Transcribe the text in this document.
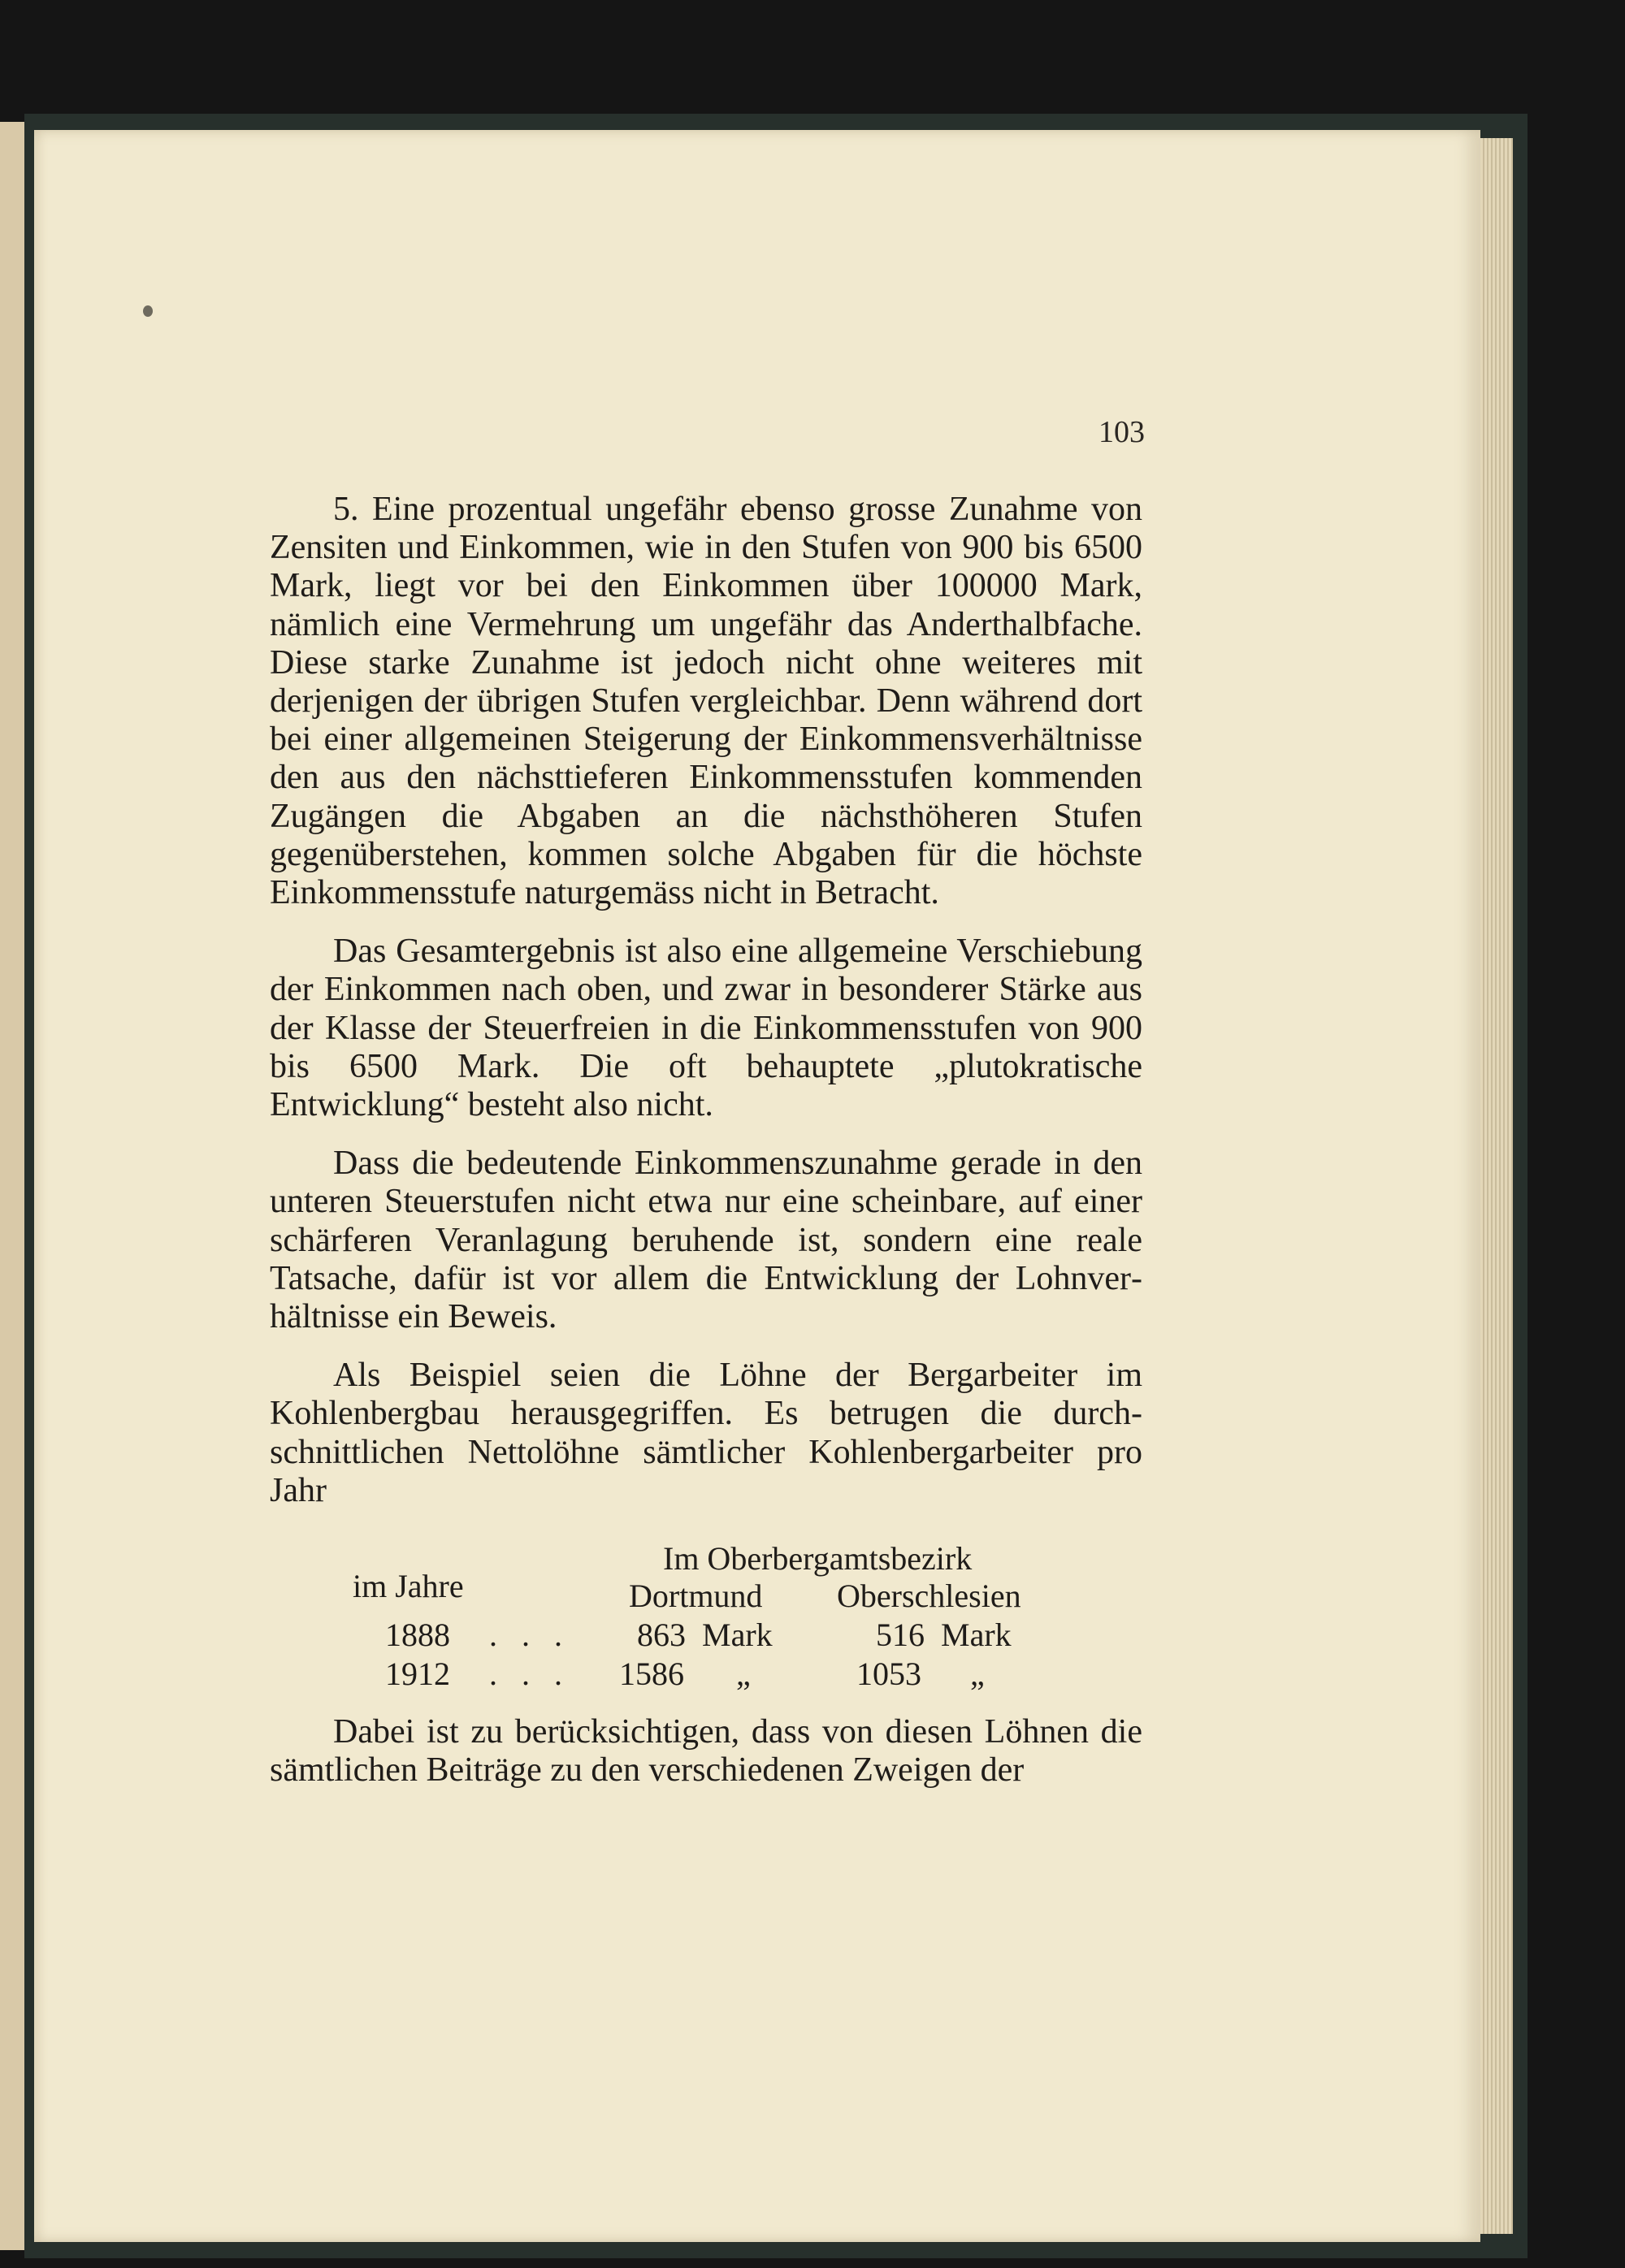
103

5. Eine prozentual ungefähr ebenso grosse Zunahme von Zensiten und Einkommen, wie in den Stufen von 900 bis 6500 Mark, liegt vor bei den Einkommen über 100000 Mark, nämlich eine Vermehrung um ungefähr das Anderthalbfache. Diese starke Zunahme ist jedoch nicht ohne weiteres mit derjenigen der übrigen Stufen vergleichbar. Denn während dort bei einer allgemeinen Steigerung der Einkommensverhältnisse den aus den nächsttieferen Einkommensstufen kommenden Zugängen die Abgaben an die nächsthöheren Stufen gegenüberstehen, kommen solche Abgaben für die höchste Einkommensstufe naturgemäss nicht in Betracht.

Das Gesamtergebnis ist also eine allgemeine Verschiebung der Einkommen nach oben, und zwar in besonderer Stärke aus der Klasse der Steuerfreien in die Einkommensstufen von 900 bis 6500 Mark. Die oft behauptete „plutokratische Entwicklung“ besteht also nicht.

Dass die bedeutende Einkommenszunahme gerade in den unteren Steuerstufen nicht etwa nur eine scheinbare, auf einer schärferen Veranlagung beruhende ist, sondern eine reale Tatsache, dafür ist vor allem die Entwicklung der Lohnverhältnisse ein Beweis.

Als Beispiel seien die Löhne der Bergarbeiter im Kohlenbergbau herausgegriffen. Es betrugen die durchschnittlichen Nettolöhne sämtlicher Kohlenbergarbeiter pro Jahr

im Jahre
Im Oberbergamtsbezirk
Dortmund Oberschlesien
1888 . . . 863 Mark	516 Mark
1912 . . . 1586 „	1053 „

Dabei ist zu berücksichtigen, dass von diesen Löhnen die sämtlichen Beiträge zu den verschiedenen Zweigen der
